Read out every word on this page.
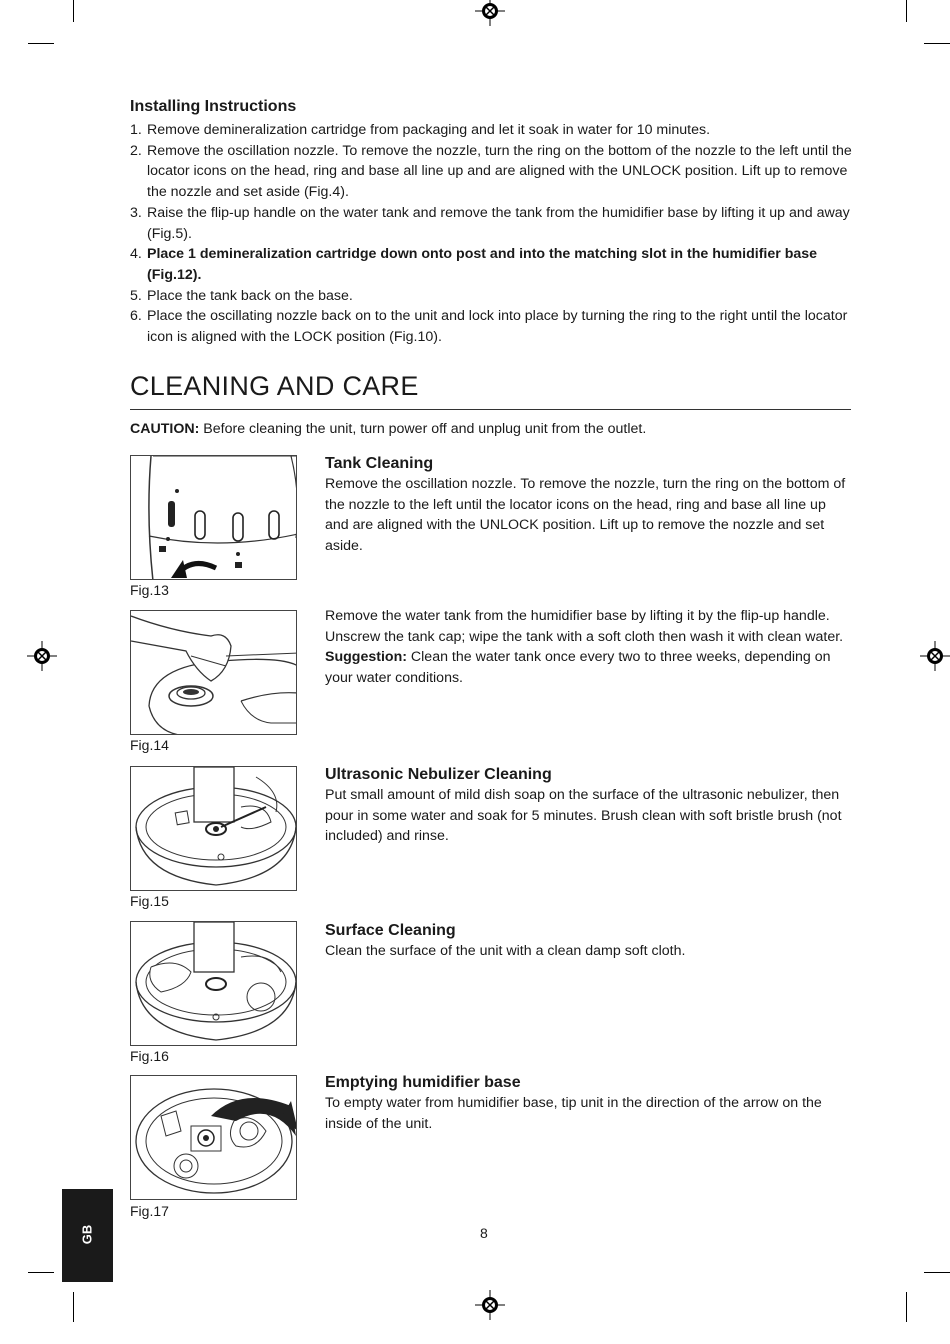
Installing Instructions
1. Remove demineralization cartridge from packaging and let it soak in water for 10 minutes.
2. Remove the oscillation nozzle. To remove the nozzle, turn the ring on the bottom of the nozzle to the left until the locator icons on the head, ring and base all line up and are aligned with the UNLOCK position. Lift up to remove the nozzle and set aside (Fig.4).
3. Raise the flip-up handle on the water tank and remove the tank from the humidifier base by lifting it up and away (Fig.5).
4. Place 1 demineralization cartridge down onto post and into the matching slot in the humidifier base (Fig.12).
5. Place the tank back on the base.
6. Place the oscillating nozzle back on to the unit and lock into place by turning the ring to the right until the locator icon is aligned with the LOCK position (Fig.10).
CLEANING AND CARE
CAUTION: Before cleaning the unit, turn power off and unplug unit from the outlet.
Fig.13
Tank Cleaning
Remove the oscillation nozzle. To remove the nozzle, turn the ring on the bottom of the nozzle to the left until the locator icons on the head, ring and base all line up and are aligned with the UNLOCK position. Lift up to remove the nozzle and set aside.
Fig.14
Remove the water tank from the humidifier base by lifting it by the flip-up handle. Unscrew the tank cap; wipe the tank with a soft cloth then wash it with clean water.
Suggestion: Clean the water tank once every two to three weeks, depending on your water conditions.
Fig.15
Ultrasonic Nebulizer Cleaning
Put small amount of mild dish soap on the surface of the ultrasonic nebulizer, then pour in some water and soak for 5 minutes. Brush clean with soft bristle brush (not included) and rinse.
Fig.16
Surface Cleaning
Clean the surface of the unit with a clean damp soft cloth.
Fig.17
Emptying humidifier base
To empty water from humidifier base, tip unit in the direction of the arrow on the inside of the unit.
GB	8
